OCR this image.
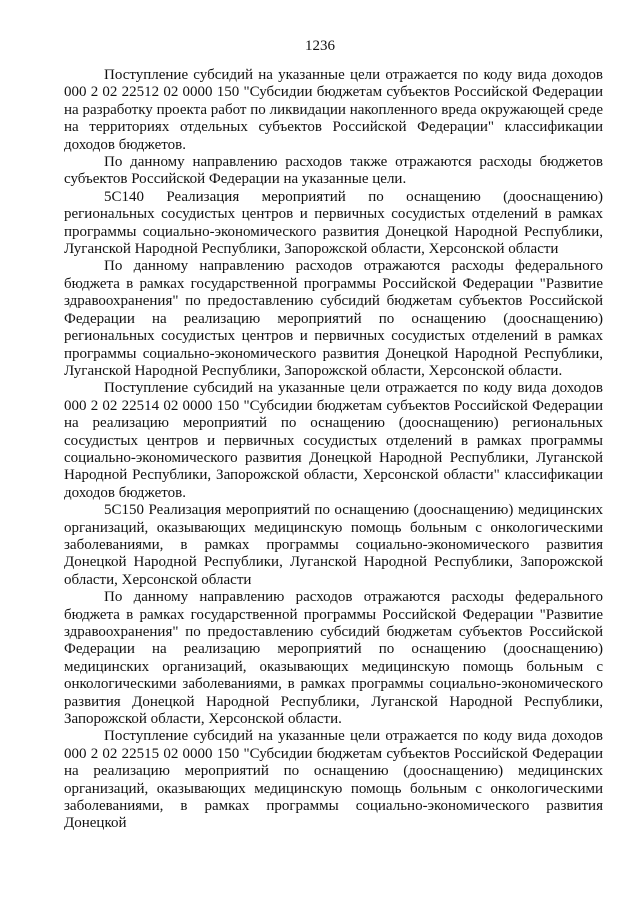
1236

Поступление субсидий на указанные цели отражается по коду вида доходов 000 2 02 22512 02 0000 150 "Субсидии бюджетам субъектов Российской Федерации на разработку проекта работ по ликвидации накопленного вреда окружающей среде на территориях отдельных субъектов Российской Федерации" классификации доходов бюджетов.

По данному направлению расходов также отражаются расходы бюджетов субъектов Российской Федерации на указанные цели.

5С140 Реализация мероприятий по оснащению (дооснащению) региональных сосудистых центров и первичных сосудистых отделений в рамках программы социально-экономического развития Донецкой Народной Республики, Луганской Народной Республики, Запорожской области, Херсонской области

По данному направлению расходов отражаются расходы федерального бюджета в рамках государственной программы Российской Федерации "Развитие здравоохранения" по предоставлению субсидий бюджетам субъектов Российской Федерации на реализацию мероприятий по оснащению (дооснащению) региональных сосудистых центров и первичных сосудистых отделений в рамках программы социально-экономического развития Донецкой Народной Республики, Луганской Народной Республики, Запорожской области, Херсонской области.

Поступление субсидий на указанные цели отражается по коду вида доходов 000 2 02 22514 02 0000 150 "Субсидии бюджетам субъектов Российской Федерации на реализацию мероприятий по оснащению (дооснащению) региональных сосудистых центров и первичных сосудистых отделений в рамках программы социально-экономического развития Донецкой Народной Республики, Луганской Народной Республики, Запорожской области, Херсонской области" классификации доходов бюджетов.

5С150 Реализация мероприятий по оснащению (дооснащению) медицинских организаций, оказывающих медицинскую помощь больным с онкологическими заболеваниями, в рамках программы социально-экономического развития Донецкой Народной Республики, Луганской Народной Республики, Запорожской области, Херсонской области

По данному направлению расходов отражаются расходы федерального бюджета в рамках государственной программы Российской Федерации "Развитие здравоохранения" по предоставлению субсидий бюджетам субъектов Российской Федерации на реализацию мероприятий по оснащению (дооснащению) медицинских организаций, оказывающих медицинскую помощь больным с онкологическими заболеваниями, в рамках программы социально-экономического развития Донецкой Народной Республики, Луганской Народной Республики, Запорожской области, Херсонской области.

Поступление субсидий на указанные цели отражается по коду вида доходов 000 2 02 22515 02 0000 150 "Субсидии бюджетам субъектов Российской Федерации на реализацию мероприятий по оснащению (дооснащению) медицинских организаций, оказывающих медицинскую помощь больным с онкологическими заболеваниями, в рамках программы социально-экономического развития Донецкой
